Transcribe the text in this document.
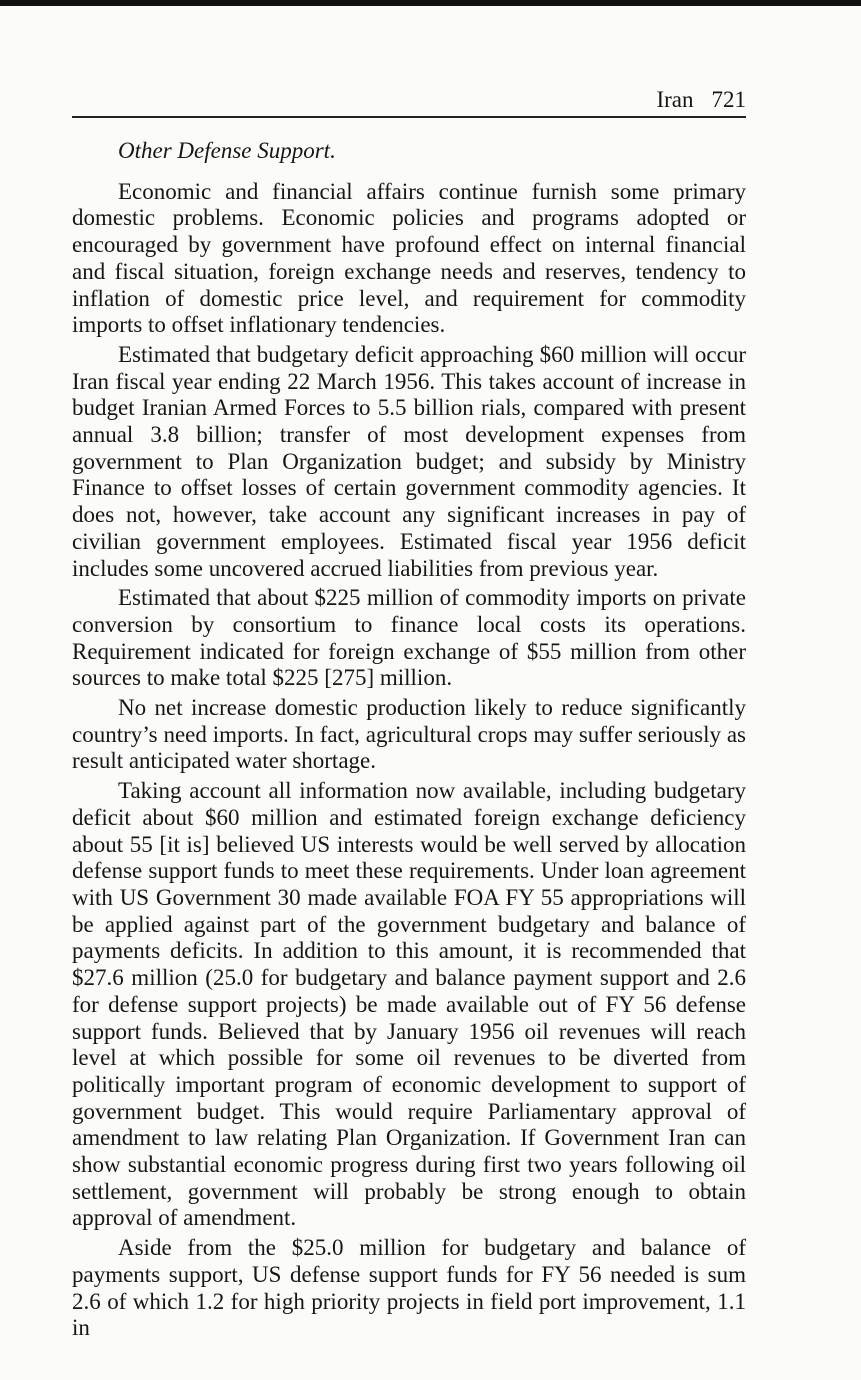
Iran 721

Other Defense Support.

Economic and financial affairs continue furnish some primary domestic problems. Economic policies and programs adopted or encouraged by government have profound effect on internal financial and fiscal situation, foreign exchange needs and reserves, tendency to inflation of domestic price level, and requirement for commodity imports to offset inflationary tendencies.

Estimated that budgetary deficit approaching $60 million will occur Iran fiscal year ending 22 March 1956. This takes account of increase in budget Iranian Armed Forces to 5.5 billion rials, compared with present annual 3.8 billion; transfer of most development expenses from government to Plan Organization budget; and subsidy by Ministry Finance to offset losses of certain government commodity agencies. It does not, however, take account any significant increases in pay of civilian government employees. Estimated fiscal year 1956 deficit includes some uncovered accrued liabilities from previous year.

Estimated that about $225 million of commodity imports on private conversion by consortium to finance local costs its operations. Requirement indicated for foreign exchange of $55 million from other sources to make total $225 [275] million.

No net increase domestic production likely to reduce significantly country’s need imports. In fact, agricultural crops may suffer seriously as result anticipated water shortage.

Taking account all information now available, including budgetary deficit about $60 million and estimated foreign exchange deficiency about 55 [it is] believed US interests would be well served by allocation defense support funds to meet these requirements. Under loan agreement with US Government 30 made available FOA FY 55 appropriations will be applied against part of the government budgetary and balance of payments deficits. In addition to this amount, it is recommended that $27.6 million (25.0 for budgetary and balance payment support and 2.6 for defense support projects) be made available out of FY 56 defense support funds. Believed that by January 1956 oil revenues will reach level at which possible for some oil revenues to be diverted from politically important program of economic development to support of government budget. This would require Parliamentary approval of amendment to law relating Plan Organization. If Government Iran can show substantial economic progress during first two years following oil settlement, government will probably be strong enough to obtain approval of amendment.

Aside from the $25.0 million for budgetary and balance of payments support, US defense support funds for FY 56 needed is sum 2.6 of which 1.2 for high priority projects in field port improvement, 1.1 in
